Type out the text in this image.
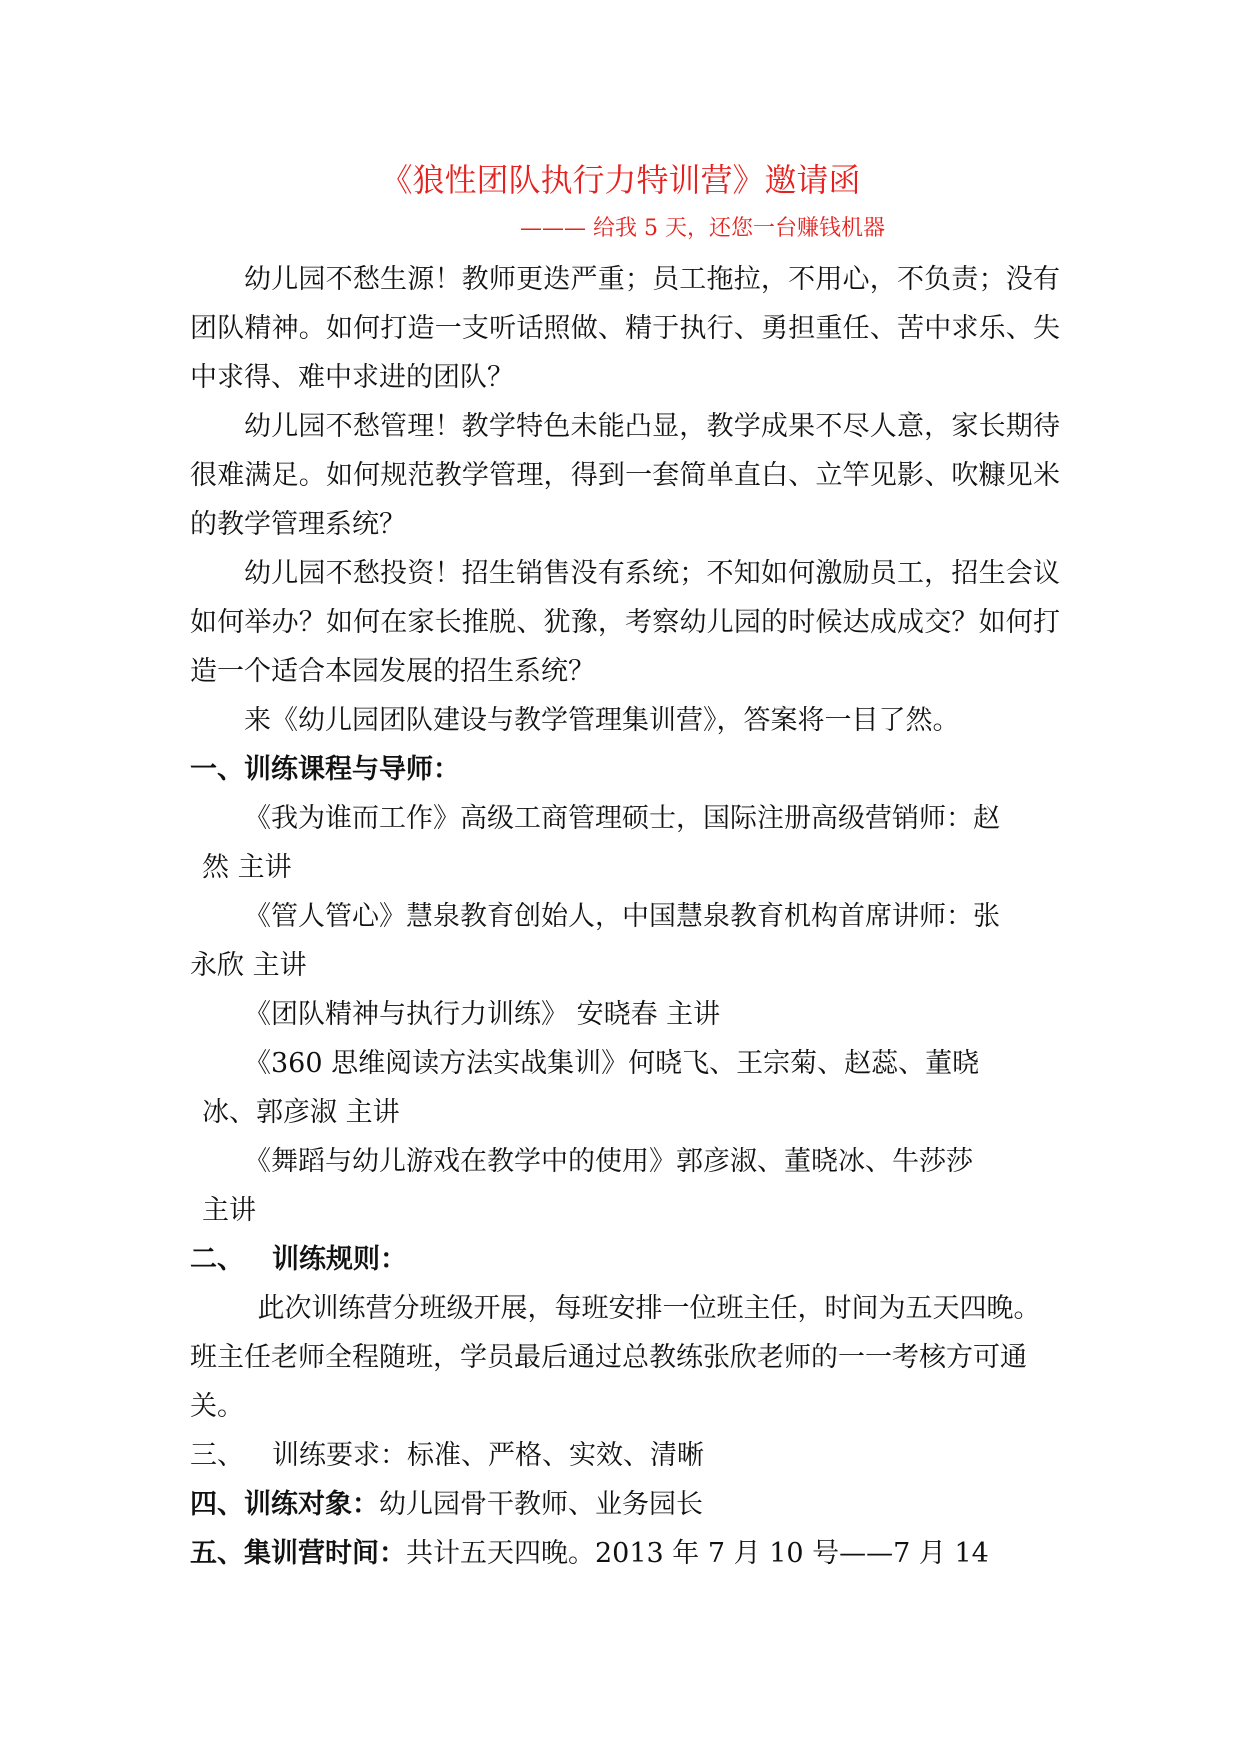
《狼性团队执行力特训营》邀请函
——— 给我 5 天，还您一台赚钱机器

幼儿园不愁生源！教师更迭严重；员工拖拉，不用心，不负责；没有团队精神。如何打造一支听话照做、精于执行、勇担重任、苦中求乐、失中求得、难中求进的团队？

幼儿园不愁管理！教学特色未能凸显，教学成果不尽人意，家长期待很难满足。如何规范教学管理，得到一套简单直白、立竿见影、吹糠见米的教学管理系统？

幼儿园不愁投资！招生销售没有系统；不知如何激励员工，招生会议如何举办？如何在家长推脱、犹豫，考察幼儿园的时候达成成交？如何打造一个适合本园发展的招生系统？

来《幼儿园团队建设与教学管理集训营》，答案将一目了然。

一、训练课程与导师：

《我为谁而工作》高级工商管理硕士，国际注册高级营销师：赵
然 主讲
《管人管心》慧泉教育创始人，中国慧泉教育机构首席讲师：张
永欣 主讲
《团队精神与执行力训练》 安晓春 主讲
《360 思维阅读方法实战集训》何晓飞、王宗菊、赵蕊、董晓
冰、郭彦淑 主讲
《舞蹈与幼儿游戏在教学中的使用》郭彦淑、董晓冰、牛莎莎
主讲

二、 训练规则：

此次训练营分班级开展，每班安排一位班主任，时间为五天四晚。班主任老师全程随班，学员最后通过总教练张欣老师的一一考核方可通关。

三、 训练要求：标准、严格、实效、清晰

四、训练对象：幼儿园骨干教师、业务园长

五、集训营时间：共计五天四晚。2013 年 7 月 10 号——7 月 14
